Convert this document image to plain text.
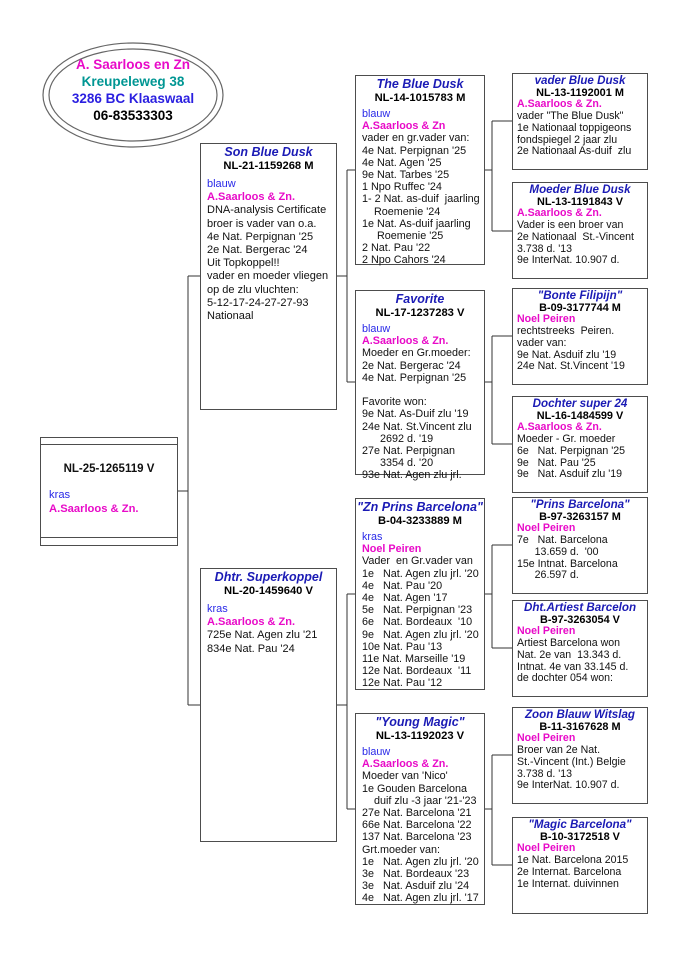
A. Saarloos en Zn
Kreupeleweg 38
3286 BC Klaaswaal
06-83533303
NL-25-1265119 V
kras
A.Saarloos & Zn.
Son Blue Dusk
NL-21-1159268 M
blauw
A.Saarloos & Zn.
DNA-analysis Certificate
broer is vader van o.a.
4e Nat. Perpignan '25
2e Nat. Bergerac '24
Uit Topkoppel!!
vader en moeder vliegen
op de zlu vluchten:
5-12-17-24-27-27-93
Nationaal
Dhtr. Superkoppel
NL-20-1459640 V
kras
A.Saarloos & Zn.
725e Nat. Agen zlu '21
834e Nat. Pau '24
The Blue Dusk
NL-14-1015783 M
blauw
A.Saarloos & Zn
vader en gr.vader van:
4e Nat. Perpignan '25
4e Nat. Agen '25
9e Nat. Tarbes '25
1 Npo Ruffec '24
1- 2 Nat. as-duif  jaarling
Roemenie '24
1e Nat. As-duif jaarling
Roemenie '25
2 Nat. Pau '22
2 Npo Cahors '24
Favorite
NL-17-1237283 V
blauw
A.Saarloos & Zn.
Moeder en Gr.moeder:
2e Nat. Bergerac '24
4e Nat. Perpignan '25

Favorite won:
9e Nat. As-Duif zlu '19
24e Nat. St.Vincent zlu
2692 d. '19
27e Nat. Perpignan
3354 d. '20
93e Nat. Agen zlu jrl.
"Zn Prins Barcelona"
B-04-3233889 M
kras
Noel Peiren
Vader  en Gr.vader van
1e   Nat. Agen zlu jrl. '20
4e   Nat. Pau '20
4e   Nat. Agen '17
5e   Nat. Perpignan '23
6e   Nat. Bordeaux  '10
9e   Nat. Agen zlu jrl. '20
10e Nat. Pau '13
11e Nat. Marseille '19
12e Nat. Bordeaux  '11
12e Nat. Pau '12
"Young Magic"
NL-13-1192023 V
blauw
A.Saarloos & Zn.
Moeder van 'Nico'
1e Gouden Barcelona
duif zlu -3 jaar '21-'23
27e Nat. Barcelona '21
66e Nat. Barcelona '22
137 Nat. Barcelona '23
Grt.moeder van:
1e   Nat. Agen zlu jrl. '20
3e   Nat. Bordeaux '23
3e   Nat. Asduif zlu '24
4e   Nat. Agen zlu jrl. '17
vader Blue Dusk
NL-13-1192001 M
A.Saarloos & Zn.
vader "The Blue Dusk"
1e Nationaal toppigeons
fondspiegel 2 jaar zlu
2e Nationaal As-duif  zlu
Moeder Blue Dusk
NL-13-1191843 V
A.Saarloos & Zn.
Vader is een broer van
2e Nationaal  St.-Vincent
3.738 d. '13
9e InterNat. 10.907 d.
"Bonte Filipijn"
B-09-3177744 M
Noel Peiren
rechtstreeks  Peiren.
vader van:
9e Nat. Asduif zlu '19
24e Nat. St.Vincent '19
Dochter super 24
NL-16-1484599 V
A.Saarloos & Zn.
Moeder - Gr. moeder
6e   Nat. Perpignan '25
9e   Nat. Pau '25
9e   Nat. Asduif zlu '19
"Prins Barcelona"
B-97-3263157 M
Noel Peiren
7e   Nat. Barcelona
13.659 d.  '00
15e Intnat. Barcelona
26.597 d.
Dht.Artiest Barcelon
B-97-3263054 V
Noel Peiren
Artiest Barcelona won
Nat. 2e van  13.343 d.
Intnat. 4e van 33.145 d.
de dochter 054 won:
Zoon Blauw Witslag
B-11-3167628 M
Noel Peiren
Broer van 2e Nat.
St.-Vincent (Int.) Belgie
3.738 d. '13
9e InterNat. 10.907 d.
"Magic Barcelona"
B-10-3172518 V
Noel Peiren
1e Nat. Barcelona 2015
2e Internat. Barcelona
1e Internat. duivinnen
